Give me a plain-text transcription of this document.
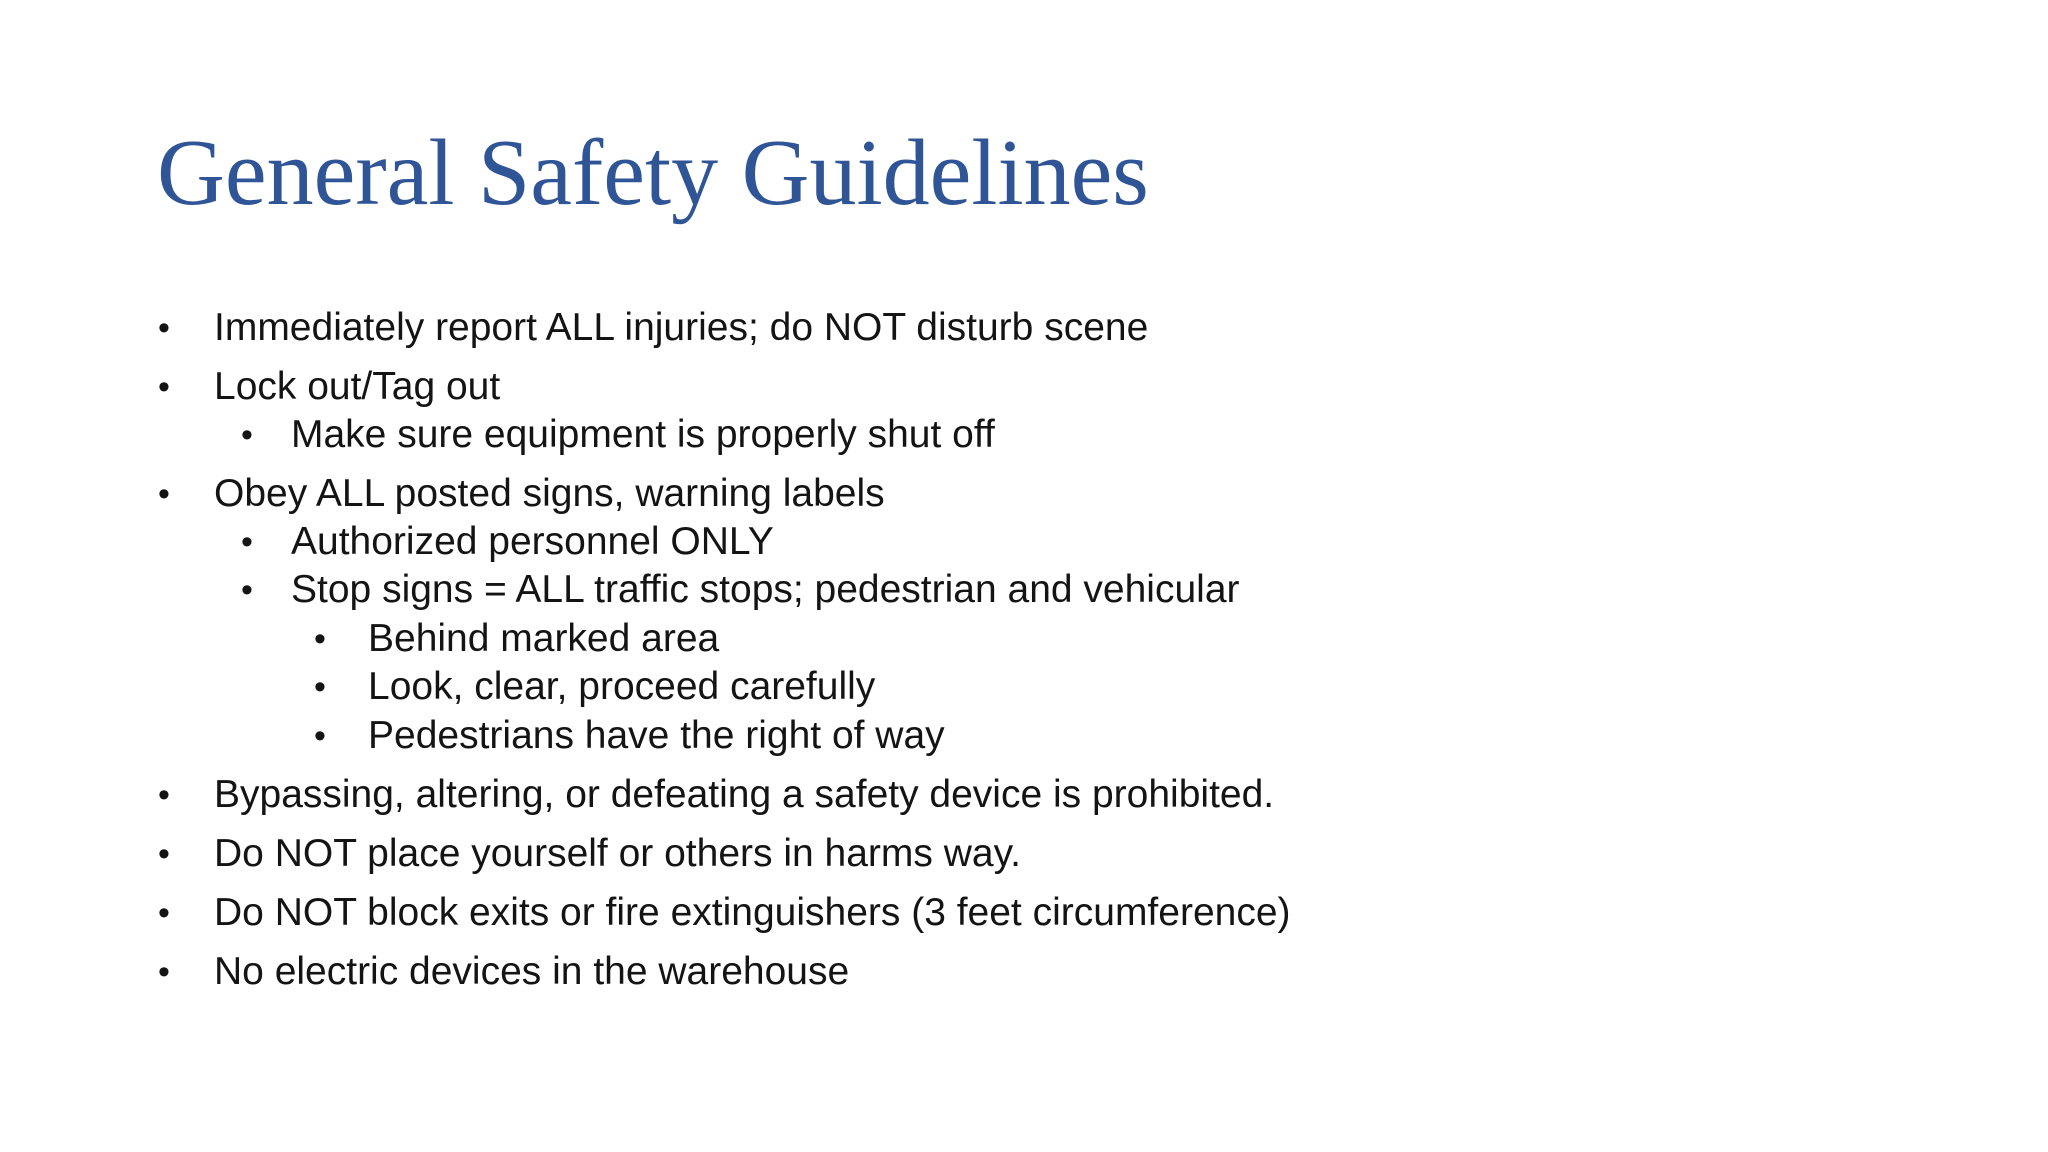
General Safety Guidelines
• Immediately report ALL injuries; do NOT disturb scene
• Lock out/Tag out
• Make sure equipment is properly shut off
• Obey ALL posted signs, warning labels
• Authorized personnel ONLY
• Stop signs = ALL traffic stops; pedestrian and vehicular
• Behind marked area
• Look, clear, proceed carefully
• Pedestrians have the right of way
• Bypassing, altering, or defeating a safety device is prohibited.
• Do NOT place yourself or others in harms way.
• Do NOT block exits or fire extinguishers (3 feet circumference)
• No electric devices in the warehouse
